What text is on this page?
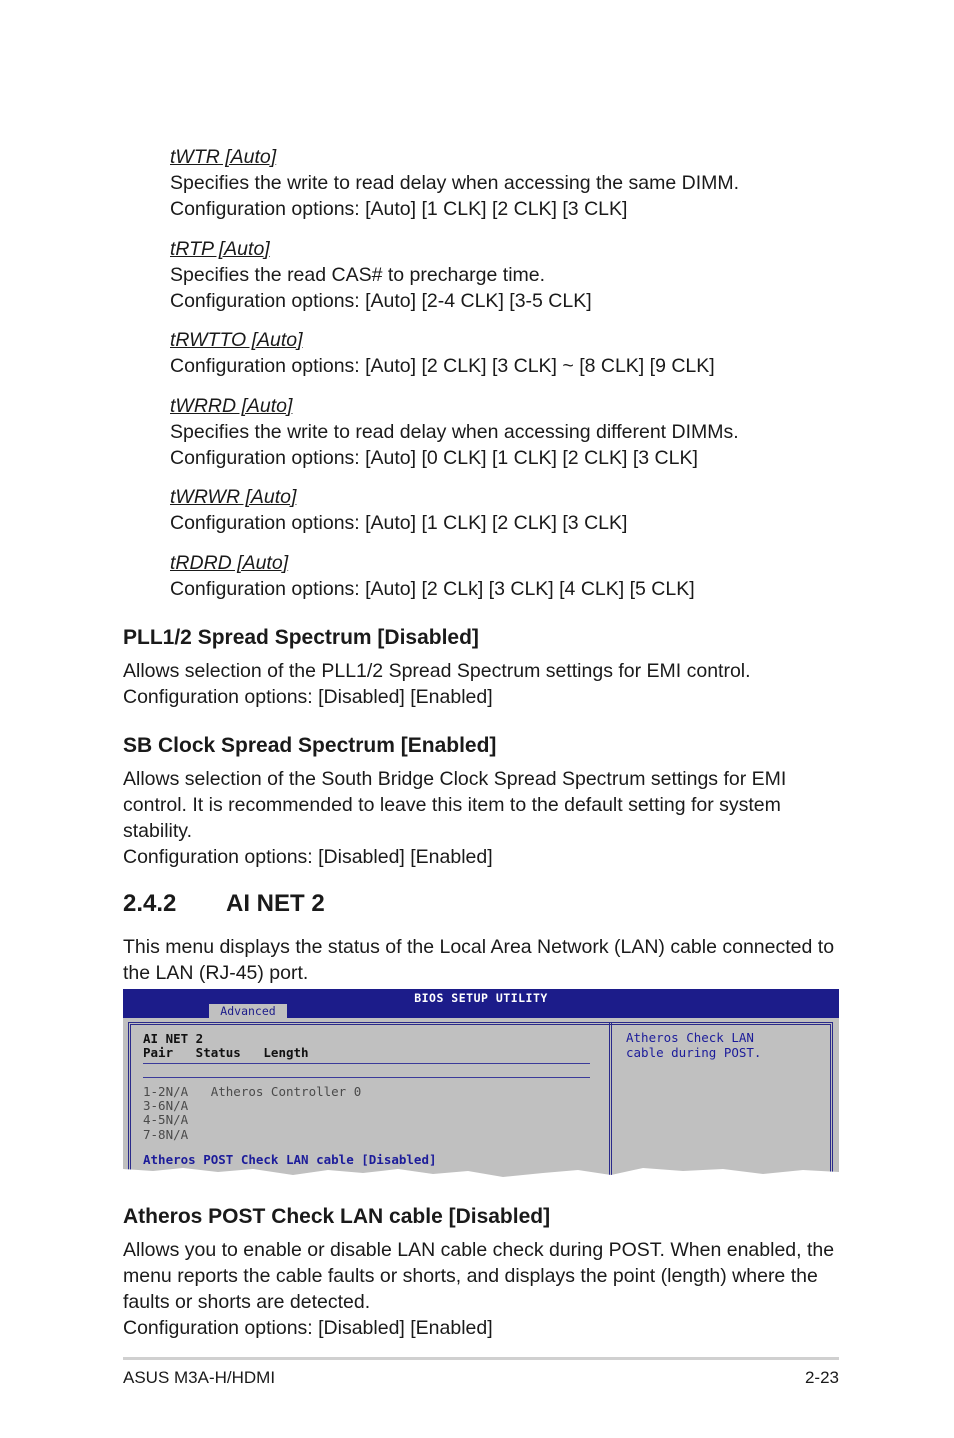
tWTR [Auto]

Specifies the write to read delay when accessing the same DIMM.

Configuration options: [Auto] [1 CLK] [2 CLK] [3 CLK]

tRTP [Auto]

Specifies the read CAS# to precharge time.

Configuration options: [Auto] [2-4 CLK] [3-5 CLK]

tRWTTO [Auto]

Configuration options: [Auto] [2 CLK] [3 CLK] ~ [8 CLK] [9 CLK]

tWRRD [Auto]

Specifies the write to read delay when accessing different DIMMs.

Configuration options: [Auto] [0 CLK] [1 CLK] [2 CLK] [3 CLK]

tWRWR [Auto]

Configuration options: [Auto] [1 CLK] [2 CLK] [3 CLK]

tRDRD [Auto]

Configuration options: [Auto] [2 CLk] [3 CLK] [4 CLK] [5 CLK]

PLL1/2 Spread Spectrum [Disabled]

Allows selection of the PLL1/2 Spread Spectrum settings for EMI control.

Configuration options: [Disabled] [Enabled]

SB Clock Spread Spectrum [Enabled]

Allows selection of the South Bridge Clock Spread Spectrum settings for EMI

control. It is recommended to leave this item to the default setting for system

stability.

Configuration options: [Disabled] [Enabled]

2.4.2 AI NET 2

This menu displays the status of the Local Area Network (LAN) cable connected to

the LAN (RJ-45) port.

BIOS SETUP UTILITY
Advanced

AI NET 2

Pair   Status   Length

1-2N/A   Atheros Controller 0

3-6N/A

4-5N/A

7-8N/A

Atheros POST Check LAN cable [Disabled]

Atheros Check LAN

cable during POST.

Atheros POST Check LAN cable [Disabled]

Allows you to enable or disable LAN cable check during POST. When enabled, the

menu reports the cable faults or shorts, and displays the point (length) where the

faults or shorts are detected.

Configuration options: [Disabled] [Enabled]

ASUS M3A-H/HDMI	2-23
